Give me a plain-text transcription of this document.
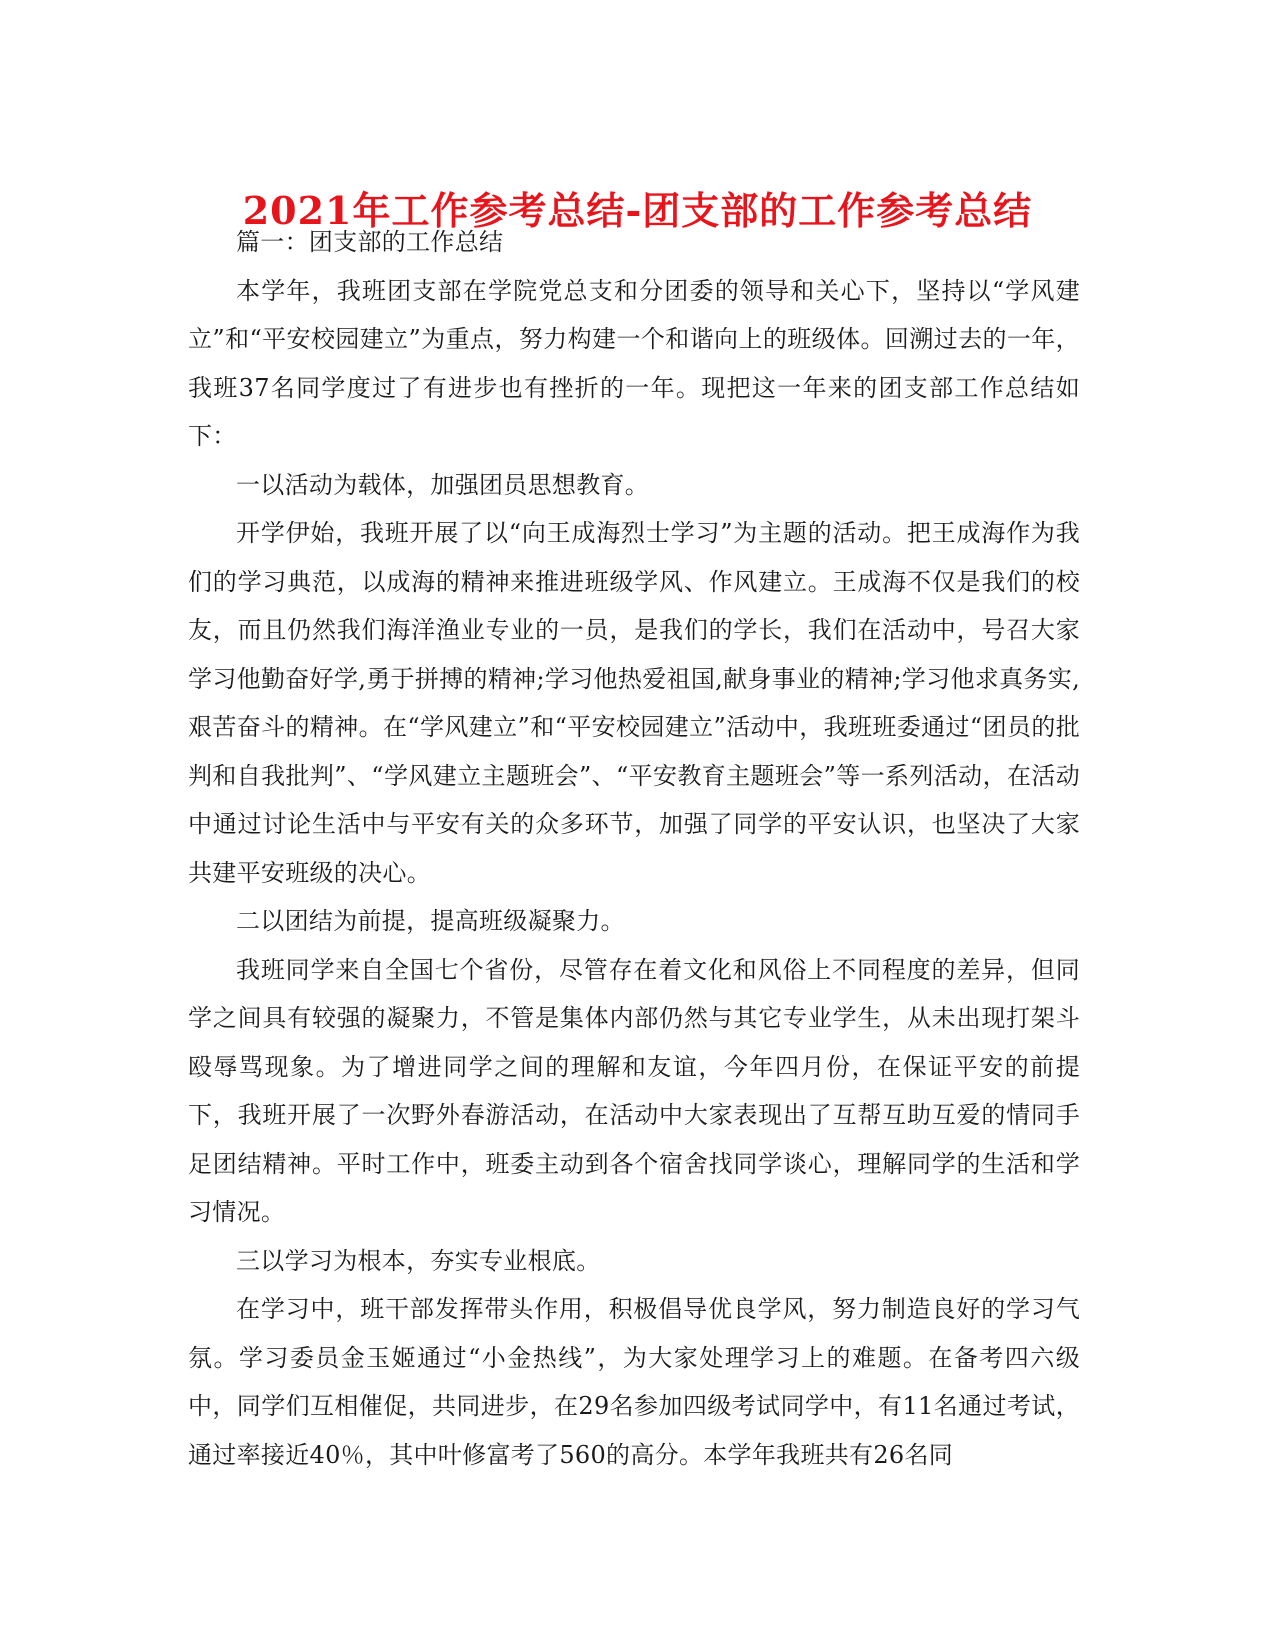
2021年工作参考总结-团支部的工作参考总结

篇一：团支部的工作总结

本学年，我班团支部在学院党总支和分团委的领导和关心下，坚持以“学风建立”和“平安校园建立”为重点，努力构建一个和谐向上的班级体。回溯过去的一年，我班37名同学度过了有进步也有挫折的一年。现把这一年来的团支部工作总结如下：

一以活动为载体，加强团员思想教育。

开学伊始，我班开展了以“向王成海烈士学习”为主题的活动。把王成海作为我们的学习典范，以成海的精神来推进班级学风、作风建立。王成海不仅是我们的校友，而且仍然我们海洋渔业专业的一员，是我们的学长，我们在活动中，号召大家学习他勤奋好学,勇于拼搏的精神;学习他热爱祖国,献身事业的精神;学习他求真务实,艰苦奋斗的精神。在“学风建立”和“平安校园建立”活动中，我班班委通过“团员的批判和自我批判”、“学风建立主题班会”、“平安教育主题班会”等一系列活动，在活动中通过讨论生活中与平安有关的众多环节，加强了同学的平安认识，也坚决了大家共建平安班级的决心。

二以团结为前提，提高班级凝聚力。

我班同学来自全国七个省份，尽管存在着文化和风俗上不同程度的差异，但同学之间具有较强的凝聚力，不管是集体内部仍然与其它专业学生，从未出现打架斗殴辱骂现象。为了增进同学之间的理解和友谊，今年四月份，在保证平安的前提下，我班开展了一次野外春游活动，在活动中大家表现出了互帮互助互爱的情同手足团结精神。平时工作中，班委主动到各个宿舍找同学谈心，理解同学的生活和学习情况。

三以学习为根本，夯实专业根底。

在学习中，班干部发挥带头作用，积极倡导优良学风，努力制造良好的学习气氛。学习委员金玉姬通过“小金热线”，为大家处理学习上的难题。在备考四六级中，同学们互相催促，共同进步，在29名参加四级考试同学中，有11名通过考试，通过率接近40％，其中叶修富考了560的高分。本学年我班共有26名同
